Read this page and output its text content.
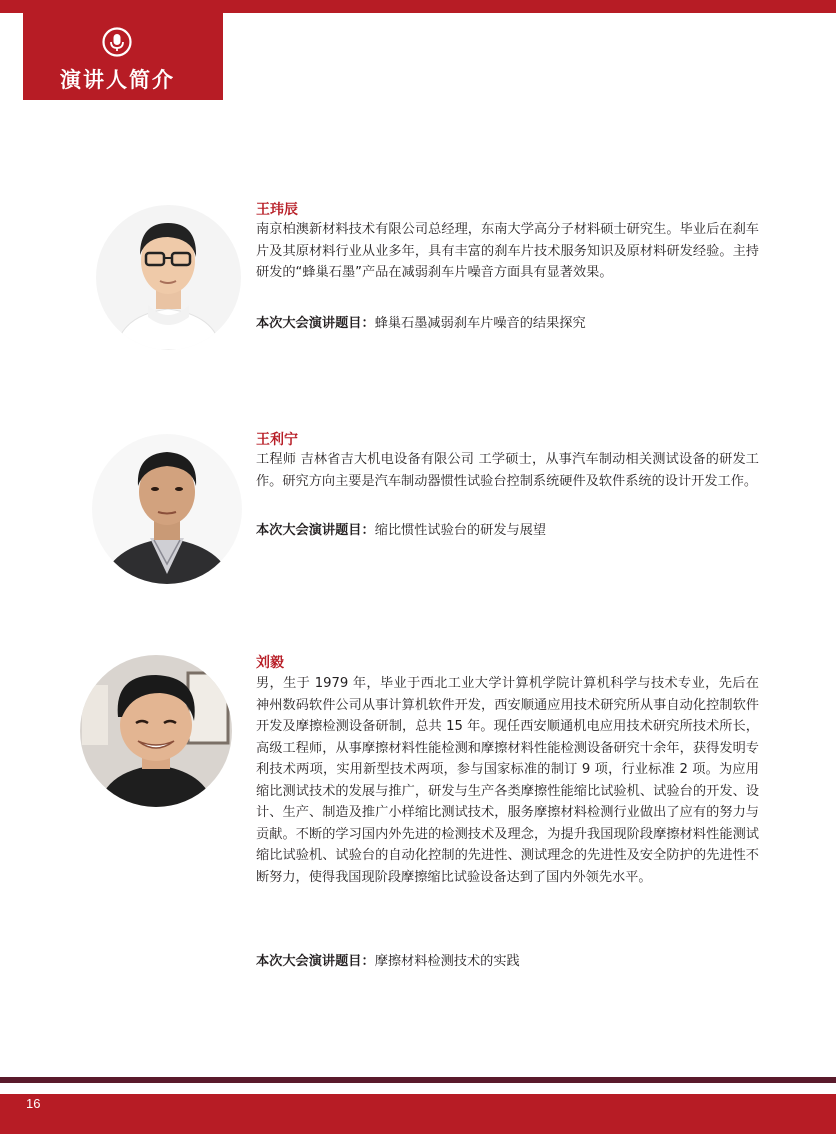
演讲人简介
王玮辰

南京柏澳新材料技术有限公司总经理，东南大学高分子材料硕士研究生。毕业后在刹车片及其原材料行业从业多年，具有丰富的刹车片技术服务知识及原材料研发经验。主持研发的“蜂巢石墨”产品在减弱刹车片噪音方面具有显著效果。

本次大会演讲题目：蜂巢石墨减弱刹车片噪音的结果探究
王利宁

工程师 吉林省吉大机电设备有限公司 工学硕士，从事汽车制动相关测试设备的研发工作。研究方向主要是汽车制动器惯性试验台控制系统硬件及软件系统的设计开发工作。

本次大会演讲题目：缩比惯性试验台的研发与展望
刘毅

男，生于 1979 年，毕业于西北工业大学计算机学院计算机科学与技术专业，先后在神州数码软件公司从事计算机软件开发，西安顺通应用技术研究所从事自动化控制软件开发及摩擦检测设备研制，总共 15 年。现任西安顺通机电应用技术研究所技术所长，高级工程师，从事摩擦材料性能检测和摩擦材料性能检测设备研究十余年，获得发明专利技术两项，实用新型技术两项，参与国家标准的制订 9 项，行业标准 2 项。为应用缩比测试技术的发展与推广，研发与生产各类摩擦性能缩比试验机、试验台的开发、设计、生产、制造及推广小样缩比测试技术，服务摩擦材料检测行业做出了应有的努力与贡献。不断的学习国内外先进的检测技术及理念，为提升我国现阶段摩擦材料性能测试缩比试验机、试验台的自动化控制的先进性、测试理念的先进性及安全防护的先进性不断努力，使得我国现阶段摩擦缩比试验设备达到了国内外领先水平。

本次大会演讲题目：摩擦材料检测技术的实践
16
